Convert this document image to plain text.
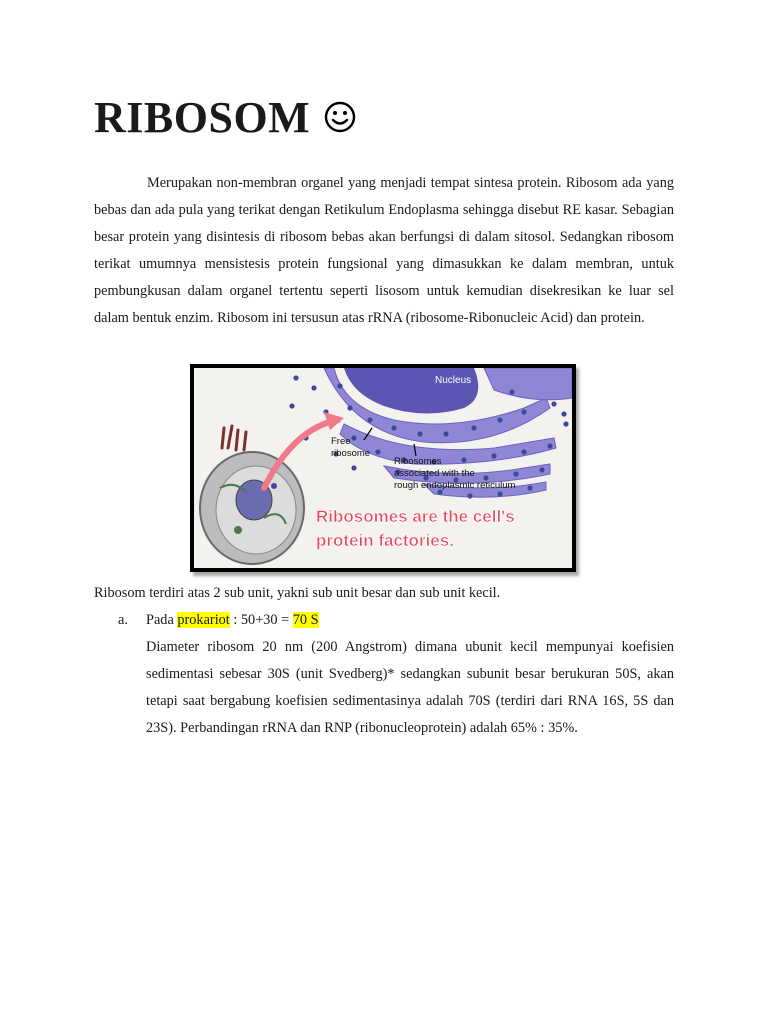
RIBOSOM

Merupakan non-membran organel yang menjadi tempat sintesa protein. Ribosom ada yang bebas dan ada pula yang terikat dengan Retikulum Endoplasma sehingga disebut RE kasar. Sebagian besar protein yang disintesis di ribosom bebas akan berfungsi di dalam sitosol. Sedangkan ribosom terikat umumnya mensistesis protein fungsional yang dimasukkan ke dalam membran, untuk pembungkusan dalam organel tertentu seperti lisosom untuk kemudian disekresikan ke luar sel dalam bentuk enzim. Ribosom ini tersusun atas rRNA (ribosome-Ribonucleic Acid) dan protein.

Nucleus
Free
ribosome
Ribosomes
associated with the
rough endoplasmic reticulum
Ribosomes are the cell's
protein factories.
Ribosom terdiri atas 2 sub unit, yakni sub unit besar dan sub unit kecil.
a. Pada prokariot : 50+30 = 70 S

Diameter ribosom 20 nm (200 Angstrom) dimana ubunit kecil mempunyai koefisien sedimentasi sebesar 30S (unit Svedberg)* sedangkan subunit besar berukuran 50S, akan tetapi saat bergabung koefisien sedimentasinya adalah 70S (terdiri dari RNA 16S, 5S dan 23S). Perbandingan rRNA dan RNP (ribonucleoprotein) adalah 65% : 35%.
